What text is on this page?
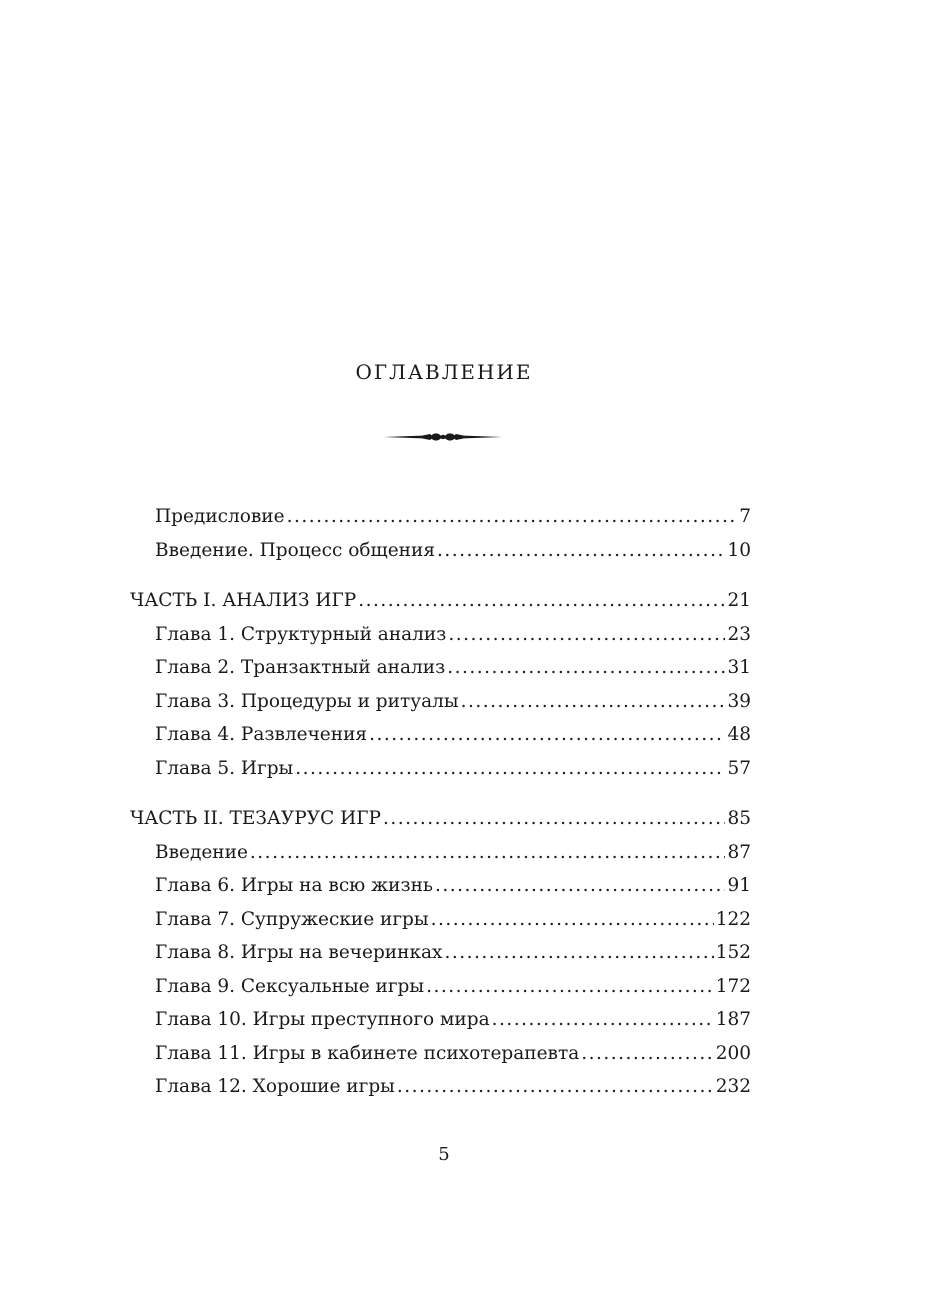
ОГЛАВЛЕНИЕ
Предисловие .....	7
Введение. Процесс общения .....	10
ЧАСТЬ I. АНАЛИЗ ИГР .....	21
Глава 1. Структурный анализ .....	23
Глава 2. Транзактный анализ .....	31
Глава 3. Процедуры и ритуалы .....	39
Глава 4. Развлечения .....	48
Глава 5. Игры .....	57
ЧАСТЬ II. ТЕЗАУРУС ИГР .....	85
Введение .....	87
Глава 6. Игры на всю жизнь .....	91
Глава 7. Супружеские игры .....	122
Глава 8. Игры на вечеринках .....	152
Глава 9. Сексуальные игры .....	172
Глава 10. Игры преступного мира .....	187
Глава 11. Игры в кабинете психотерапевта .....	200
Глава 12. Хорошие игры .....	232
5
